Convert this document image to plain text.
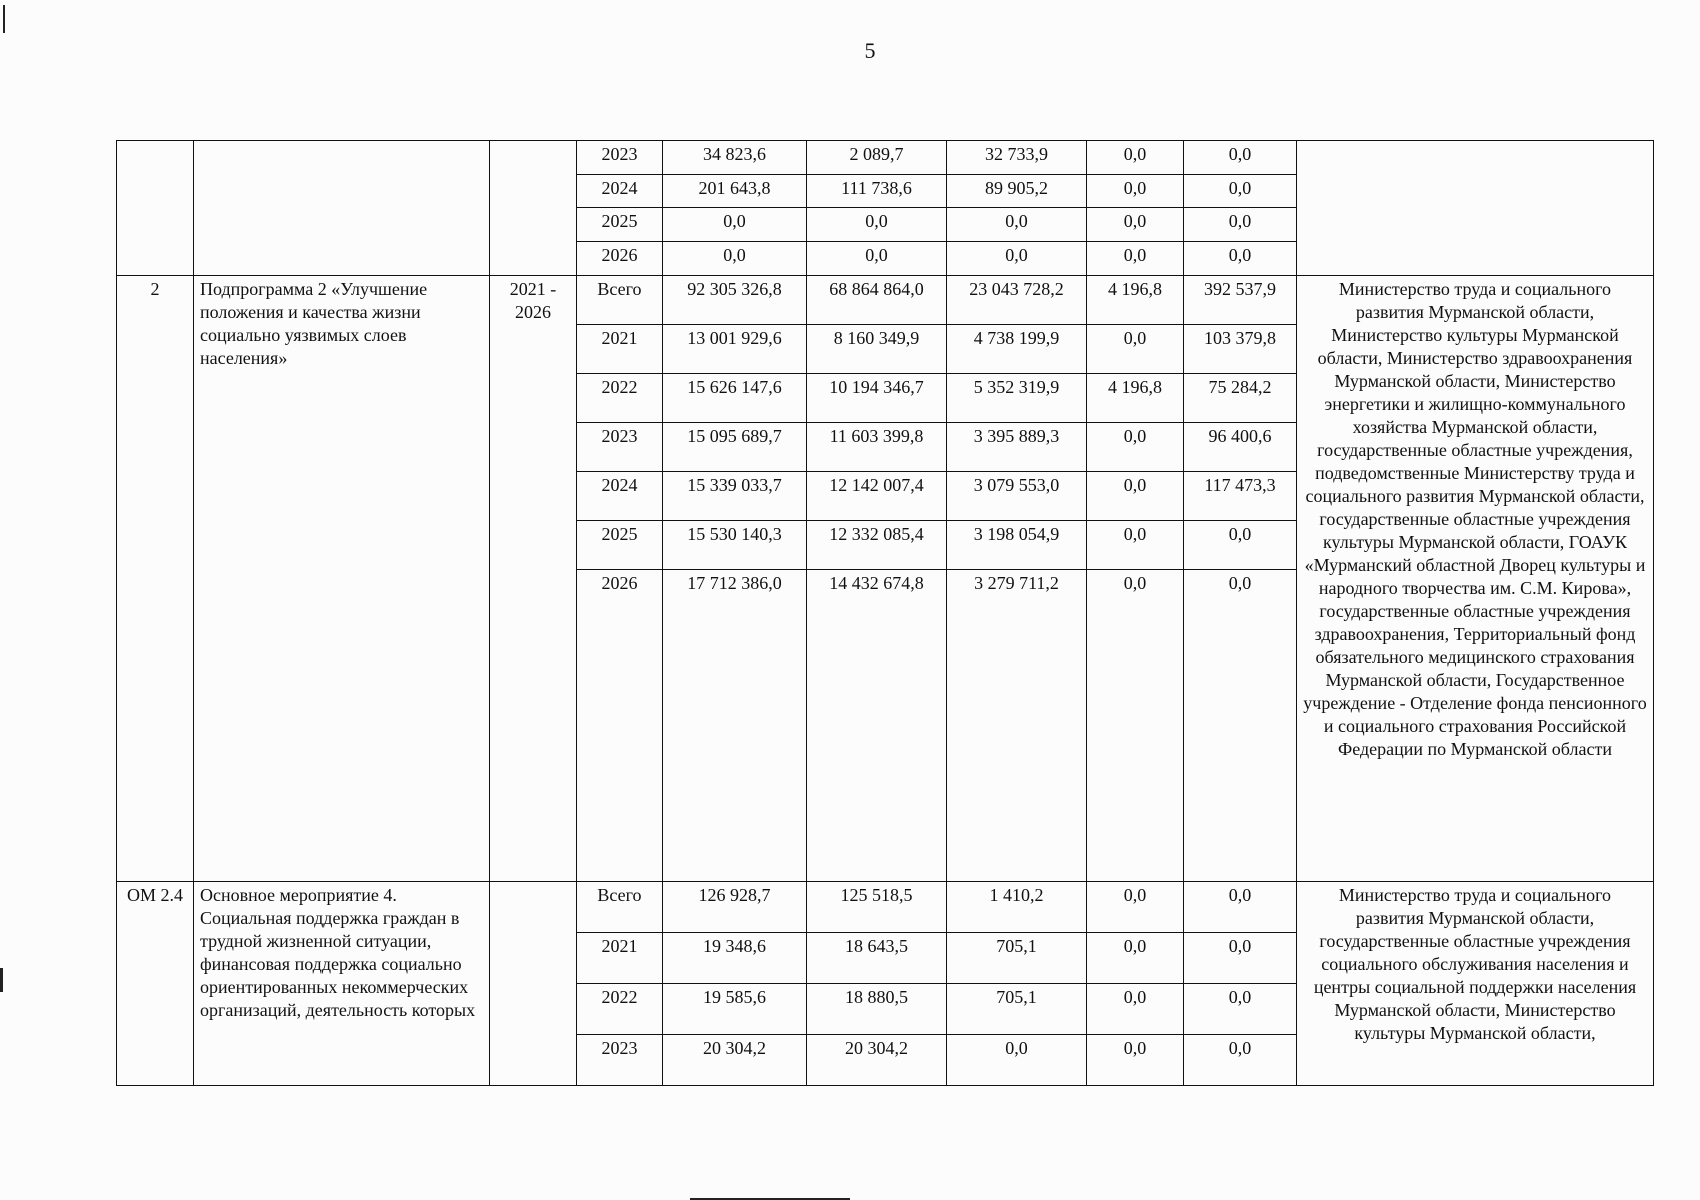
5
			2023	34 823,6	2 089,7	32 733,9	0,0	0,0	
			2024	201 643,8	111 738,6	89 905,2	0,0	0,0	
			2025	0,0	0,0	0,0	0,0	0,0	
			2026	0,0	0,0	0,0	0,0	0,0	
2	Подпрограмма 2 «Улучшение положения и качества жизни социально уязвимых слоев населения»	2021 - 2026	Всего	92 305 326,8	68 864 864,0	23 043 728,2	4 196,8	392 537,9	Министерство труда и социального развития Мурманской области, Министерство культуры Мурманской области, Министерство здравоохранения Мурманской области, Министерство энергетики и жилищно-коммунального хозяйства Мурманской области, государственные областные учреждения, подведомственные Министерству труда и социального развития Мурманской области, государственные областные учреждения культуры Мурманской области, ГОАУК «Мурманский областной Дворец культуры и народного творчества им. С.М. Кирова», государственные областные учреждения здравоохранения, Территориальный фонд обязательного медицинского страхования Мурманской области, Государственное учреждение - Отделение фонда пенсионного и социального страхования Российской Федерации по Мурманской области
			2021	13 001 929,6	8 160 349,9	4 738 199,9	0,0	103 379,8	
			2022	15 626 147,6	10 194 346,7	5 352 319,9	4 196,8	75 284,2	
			2023	15 095 689,7	11 603 399,8	3 395 889,3	0,0	96 400,6	
			2024	15 339 033,7	12 142 007,4	3 079 553,0	0,0	117 473,3	
			2025	15 530 140,3	12 332 085,4	3 198 054,9	0,0	0,0	
			2026	17 712 386,0	14 432 674,8	3 279 711,2	0,0	0,0	
ОМ 2.4	Основное мероприятие 4. Социальная поддержка граждан в трудной жизненной ситуации, финансовая поддержка социально ориентированных некоммерческих организаций, деятельность которых		Всего	126 928,7	125 518,5	1 410,2	0,0	0,0	Министерство труда и социального развития Мурманской области, государственные областные учреждения социального обслуживания населения и центры социальной поддержки населения Мурманской области, Министерство культуры Мурманской области,
			2021	19 348,6	18 643,5	705,1	0,0	0,0	
			2022	19 585,6	18 880,5	705,1	0,0	0,0	
			2023	20 304,2	20 304,2	0,0	0,0	0,0	
